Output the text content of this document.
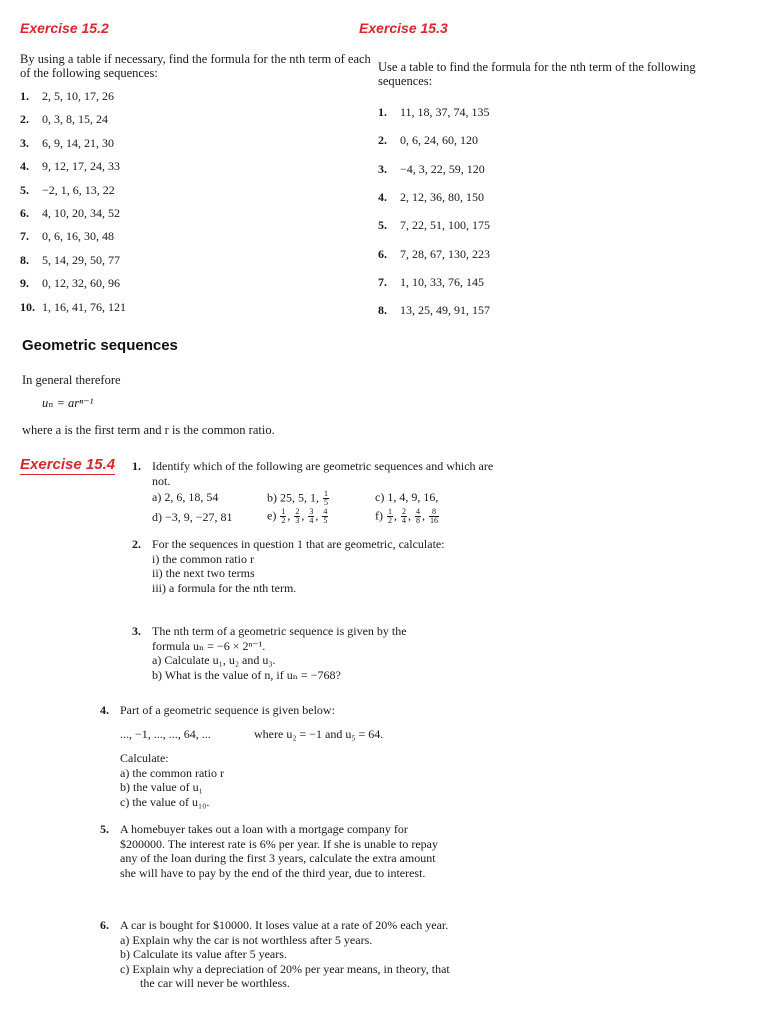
Exercise 15.2
By using a table if necessary, find the formula for the nth term of each of the following sequences:
1. 2, 5, 10, 17, 26
2. 0, 3, 8, 15, 24
3. 6, 9, 14, 21, 30
4. 9, 12, 17, 24, 33
5. −2, 1, 6, 13, 22
6. 4, 10, 20, 34, 52
7. 0, 6, 16, 30, 48
8. 5, 14, 29, 50, 77
9. 0, 12, 32, 60, 96
10. 1, 16, 41, 76, 121
Exercise 15.3
Use a table to find the formula for the nth term of the following sequences:
1. 11, 18, 37, 74, 135
2. 0, 6, 24, 60, 120
3. −4, 3, 22, 59, 120
4. 2, 12, 36, 80, 150
5. 7, 22, 51, 100, 175
6. 7, 28, 67, 130, 223
7. 1, 10, 33, 76, 145
8. 13, 25, 49, 91, 157
Geometric sequences
In general therefore
uₙ = arⁿ⁻¹
where a is the first term and r is the common ratio.
Exercise 15.4 1. Identify which of the following are geometric sequences and which are not.
a) 2, 6, 18, 54	b) 25, 5, 1, $\frac{1}{5}$	c) 1, 4, 9, 16,
d) −3, 9, −27, 81	$e) \frac{1}{2}$ , $\frac{2}{3}$ , $\frac{3}{4}$ , $\frac{4}{5}$	$f) \frac{1}{2}$ , $\frac{2}{4}$ , $\frac{4}{8}$ , $\frac{8}{16}$
2. For the sequences in question 1 that are geometric, calculate:
i) the common ratio r
ii) the next two terms
iii) a formula for the nth term.
3. The nth term of a geometric sequence is given by the
formula uₙ = −6 × 2ⁿ⁻¹.
a) Calculate u₁, u₂ and u₃.
b) What is the value of n, if uₙ = −768?
4. Part of a geometric sequence is given below:
..., −1, ..., ..., 64, ...	where u₂ = −1 and u₅ = 64.
Calculate:
a) the common ratio r
b) the value of u₁
c) the value of u₁₀.
5. A homebuyer takes out a loan with a mortgage company for $200000. The interest rate is 6% per year. If she is unable to repay any of the loan during the first 3 years, calculate the extra amount she will have to pay by the end of the third year, due to interest.
6. A car is bought for $10000. It loses value at a rate of 20% each year.
a) Explain why the car is not worthless after 5 years.
b) Calculate its value after 5 years.
c) Explain why a depreciation of 20% per year means, in theory, that the car will never be worthless.
